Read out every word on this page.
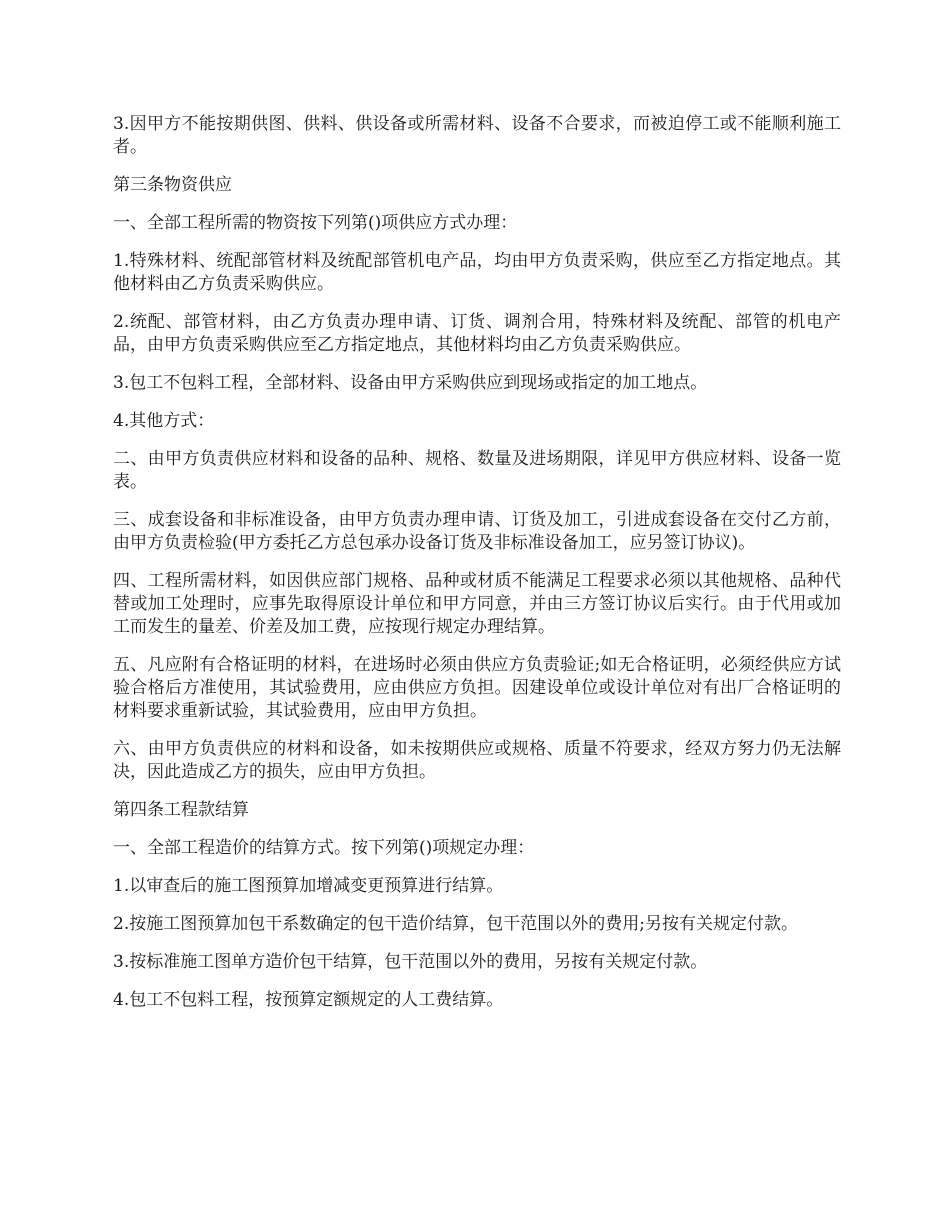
3.因甲方不能按期供图、供料、供设备或所需材料、设备不合要求，而被迫停工或不能顺利施工者。

第三条物资供应

一、全部工程所需的物资按下列第()项供应方式办理：

1.特殊材料、统配部管材料及统配部管机电产品，均由甲方负责采购，供应至乙方指定地点。其他材料由乙方负责采购供应。

2.统配、部管材料，由乙方负责办理申请、订货、调剂合用，特殊材料及统配、部管的机电产品，由甲方负责采购供应至乙方指定地点，其他材料均由乙方负责采购供应。

3.包工不包料工程，全部材料、设备由甲方采购供应到现场或指定的加工地点。

4.其他方式：

二、由甲方负责供应材料和设备的品种、规格、数量及进场期限，详见甲方供应材料、设备一览表。

三、成套设备和非标准设备，由甲方负责办理申请、订货及加工，引进成套设备在交付乙方前，由甲方负责检验(甲方委托乙方总包承办设备订货及非标准设备加工，应另签订协议)。

四、工程所需材料，如因供应部门规格、品种或材质不能满足工程要求必须以其他规格、品种代替或加工处理时，应事先取得原设计单位和甲方同意，并由三方签订协议后实行。由于代用或加工而发生的量差、价差及加工费，应按现行规定办理结算。

五、凡应附有合格证明的材料，在进场时必须由供应方负责验证;如无合格证明，必须经供应方试验合格后方准使用，其试验费用，应由供应方负担。因建设单位或设计单位对有出厂合格证明的材料要求重新试验，其试验费用，应由甲方负担。

六、由甲方负责供应的材料和设备，如未按期供应或规格、质量不符要求，经双方努力仍无法解决，因此造成乙方的损失，应由甲方负担。

第四条工程款结算

一、全部工程造价的结算方式。按下列第()项规定办理：

1.以审查后的施工图预算加增减变更预算进行结算。

2.按施工图预算加包干系数确定的包干造价结算，包干范围以外的费用;另按有关规定付款。

3.按标准施工图单方造价包干结算，包干范围以外的费用，另按有关规定付款。

4.包工不包料工程，按预算定额规定的人工费结算。
